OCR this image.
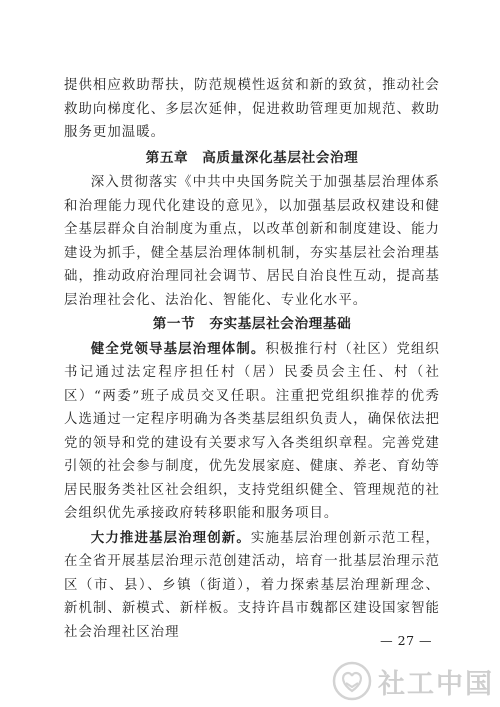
提供相应救助帮扶，防范规模性返贫和新的致贫，推动社会救助向梯度化、多层次延伸，促进救助管理更加规范、救助服务更加温暖。

第五章 高质量深化基层社会治理

深入贯彻落实《中共中央国务院关于加强基层治理体系和治理能力现代化建设的意见》，以加强基层政权建设和健全基层群众自治制度为重点，以改革创新和制度建设、能力建设为抓手，健全基层治理体制机制，夯实基层社会治理基础，推动政府治理同社会调节、居民自治良性互动，提高基层治理社会化、法治化、智能化、专业化水平。

第一节 夯实基层社会治理基础

健全党领导基层治理体制。积极推行村（社区）党组织书记通过法定程序担任村（居）民委员会主任、村（社区）“两委”班子成员交叉任职。注重把党组织推荐的优秀人选通过一定程序明确为各类基层组织负责人，确保依法把党的领导和党的建设有关要求写入各类组织章程。完善党建引领的社会参与制度，优先发展家庭、健康、养老、育幼等居民服务类社区社会组织，支持党组织健全、管理规范的社会组织优先承接政府转移职能和服务项目。

大力推进基层治理创新。实施基层治理创新示范工程，在全省开展基层治理示范创建活动，培育一批基层治理示范区（市、县）、乡镇（街道），着力探索基层治理新理念、新机制、新模式、新样板。支持许昌市魏都区建设国家智能社会治理社区治理

— 27 —
社工中国
